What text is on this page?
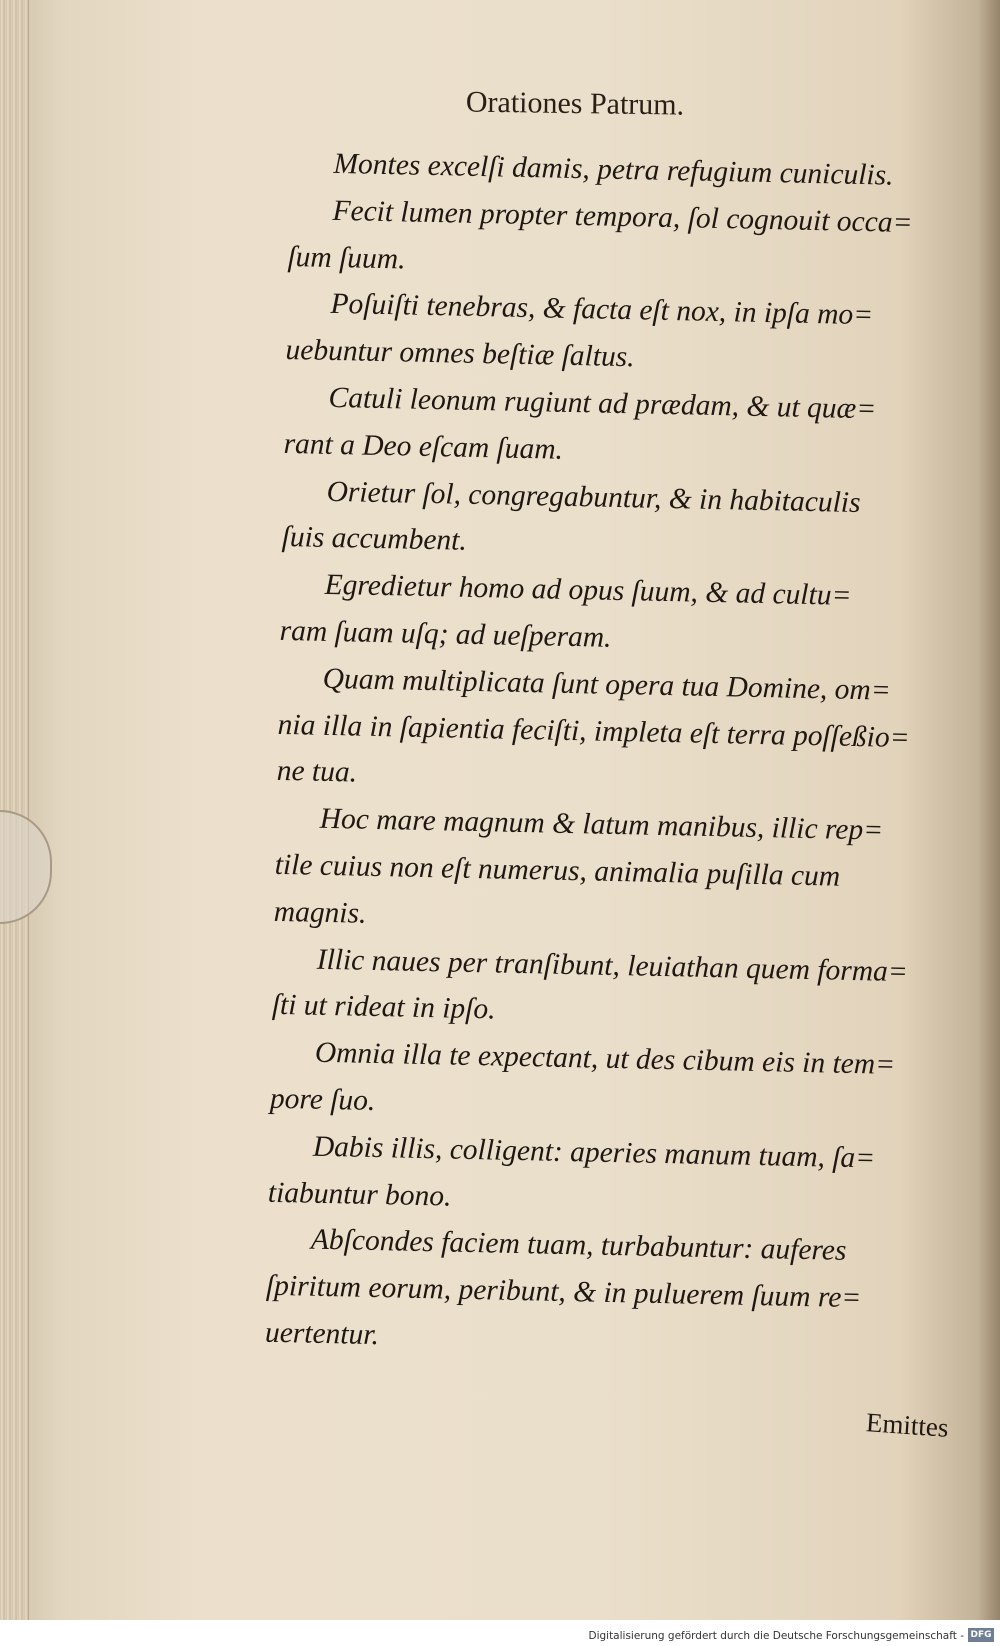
Orationes Patrum.
Montes excelſi damis, petra refugium cuniculis.
Fecit lumen propter tempora, ſol cognouit occa=
ſum ſuum.
Poſuiſti tenebras, & facta eſt nox, in ipſa mo=
uebuntur omnes beſtiæ ſaltus.
Catuli leonum rugiunt ad prædam, & ut quæ=
rant a Deo eſcam ſuam.
Orietur ſol, congregabuntur, & in habitaculis
ſuis accumbent.
Egredietur homo ad opus ſuum, & ad cultu=
ram ſuam uſq; ad ueſperam.
Quam multiplicata ſunt opera tua Domine, om=
nia illa in ſapientia feciſti, impleta eſt terra poſſeßio=
ne tua.
Hoc mare magnum & latum manibus, illic rep=
tile cuius non eſt numerus, animalia puſilla cum
magnis.
Illic naues per tranſibunt, leuiathan quem forma=
ſti ut rideat in ipſo.
Omnia illa te expectant, ut des cibum eis in tem=
pore ſuo.
Dabis illis, colligent: aperies manum tuam, ſa=
tiabuntur bono.
Abſcondes faciem tuam, turbabuntur: auferes
ſpiritum eorum, peribunt, & in puluerem ſuum re=
uertentur.
Emittes
Digitalisierung gefördert durch die Deutsche Forschungsgemeinschaft - DFG
